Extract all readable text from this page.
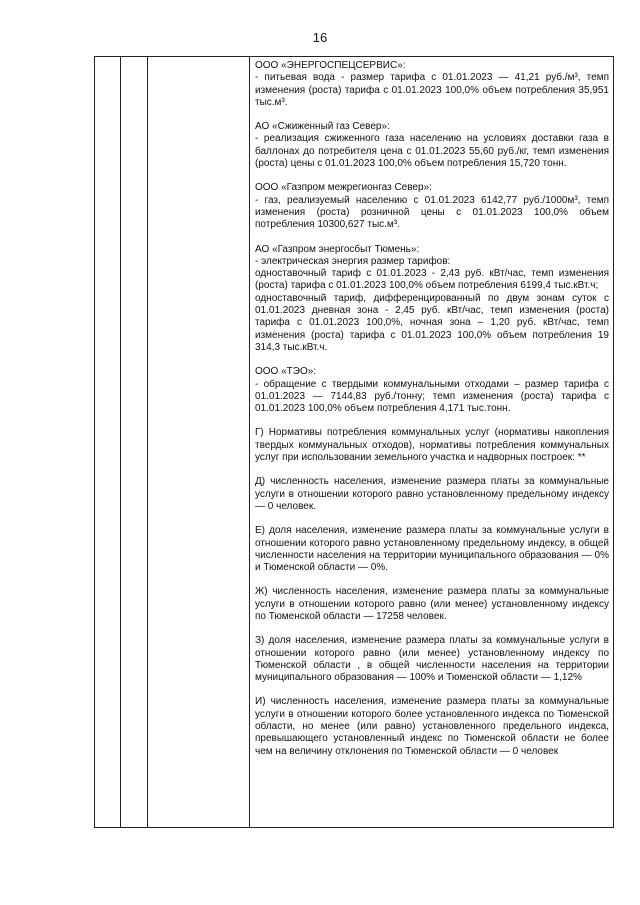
16
ООО «ЭНЕРГОСПЕЦСЕРВИС»:
- питьевая вода - размер тарифа с 01.01.2023 — 41,21 руб./м³, темп изменения (роста) тарифа с 01.01.2023 100,0% объем потребления 35,951 тыс.м³.
АО «Сжиженный газ Север»:
- реализация сжиженного газа населению на условиях доставки газа в баллонах до потребителя цена с 01.01.2023 55,60 руб./кг, темп изменения (роста) цены с 01.01.2023 100,0% объем потребления 15,720 тонн.
ООО «Газпром межрегионгаз Север»:
- газ, реализуемый населению с 01.01.2023 6142,77 руб./1000м³, темп изменения (роста) розничной цены с 01.01.2023 100,0% объем потребления 10300,627 тыс.м³.
АО «Газпром энергосбыт Тюмень»:
- электрическая энергия размер тарифов:
одноставочный тариф с 01.01.2023 - 2,43 руб. кВт/час, темп изменения (роста) тарифа с 01.01.2023 100,0% объем потребления 6199,4 тыс.кВт.ч;
одноставочный тариф, дифференцированный по двум зонам суток с 01.01.2023 дневная зона - 2,45 руб. кВт/час, темп изменения (роста) тарифа с 01.01.2023 100,0%, ночная зона – 1,20 руб. кВт/час, темп изменения (роста) тарифа с 01.01.2023 100,0% объем потребления 19 314,3 тыс.кВт.ч.
ООО «ТЭО»:
- обращение с твердыми коммунальными отходами – размер тарифа с 01.01.2023 — 7144,83 руб./тонну; темп изменения (роста) тарифа с 01.01.2023 100,0% объем потребления 4,171 тыс.тонн.
Г) Нормативы потребления коммунальных услуг (нормативы накопления твердых коммунальных отходов), нормативы потребления коммунальных услуг при использовании земельного участка и надворных построек: **
Д) численность населения, изменение размера платы за коммунальные услуги в отношении которого равно установленному предельному индексу — 0 человек.
Е) доля населения, изменение размера платы за коммунальные услуги в отношении которого равно установленному предельному индексу, в общей численности населения на территории муниципального образования — 0% и Тюменской области — 0%.
Ж) численность населения, изменение размера платы за коммунальные услуги в отношении которого равно (или менее) установленному индексу по Тюменской области — 17258 человек.
З) доля населения, изменение размера платы за коммунальные услуги в отношении которого равно (или менее) установленному индексу по Тюменской области , в общей численности населения на территории муниципального образования — 100% и Тюменской области — 1,12%
И) численность населения, изменение размера платы за коммунальные услуги в отношении которого более установленного индекса по Тюменской области, но менее (или равно) установленного предельного индекса, превышающего установленный индекс по Тюменской области не более чем на величину отклонения по Тюменской области — 0 человек
